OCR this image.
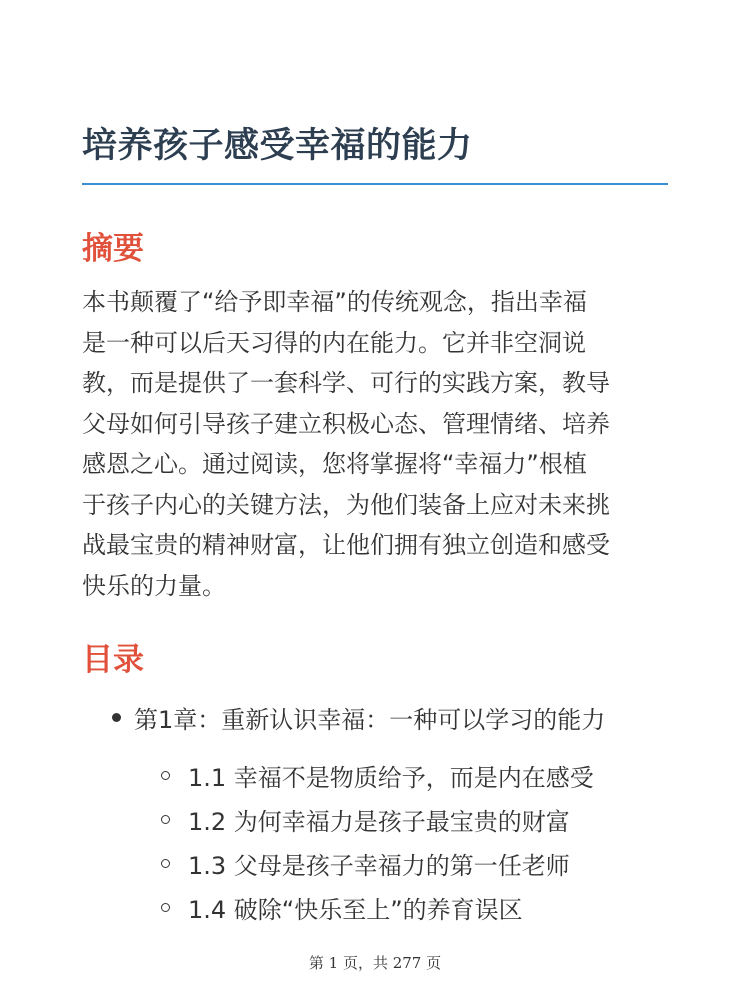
培养孩子感受幸福的能力
摘要
本书颠覆了“给予即幸福”的传统观念，指出幸福
是一种可以后天习得的内在能力。它并非空洞说
教，而是提供了一套科学、可行的实践方案，教导
父母如何引导孩子建立积极心态、管理情绪、培养
感恩之心。通过阅读，您将掌握将“幸福力”根植
于孩子内心的关键方法，为他们装备上应对未来挑
战最宝贵的精神财富，让他们拥有独立创造和感受
快乐的力量。
目录
第1章：重新认识幸福：一种可以学习的能力
1.1 幸福不是物质给予，而是内在感受
1.2 为何幸福力是孩子最宝贵的财富
1.3 父母是孩子幸福力的第一任老师
1.4 破除“快乐至上”的养育误区
第 1 页，共 277 页
